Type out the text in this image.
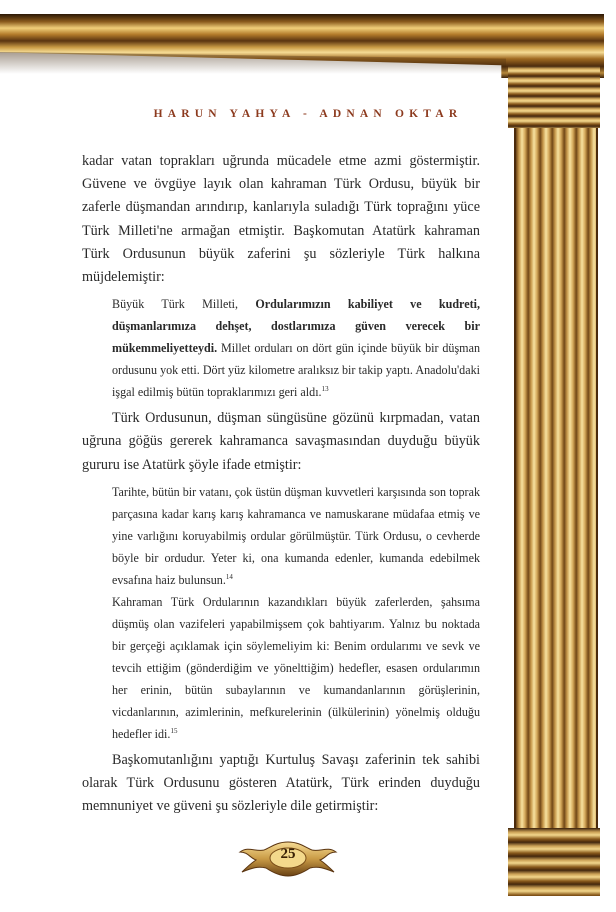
HARUN YAHYA - ADNAN OKTAR

kadar vatan toprakları uğrunda mücadele etme azmi göstermiştir. Güvene ve övgüye layık olan kahraman Türk Ordusu, büyük bir zaferle düşmandan arındırıp, kanlarıyla suladığı Türk toprağını yüce Türk Milleti'ne armağan etmiştir. Başkomutan Atatürk kahraman Türk Ordusunun büyük zaferini şu sözleriyle Türk halkına müjdelemiştir:

Büyük Türk Milleti, Ordularımızın kabiliyet ve kudreti, düşmanlarımıza dehşet, dostlarımıza güven verecek bir mükemmeliyetteydi. Millet orduları on dört gün içinde büyük bir düşman ordusunu yok etti. Dört yüz kilometre aralıksız bir takip yaptı. Anadolu'daki işgal edilmiş bütün topraklarımızı geri aldı.$^{13}$

Türk Ordusunun, düşman süngüsüne gözünü kırpmadan, vatan uğruna göğüs gererek kahramanca savaşmasından duyduğu büyük gururu ise Atatürk şöyle ifade etmiştir:

Tarihte, bütün bir vatanı, çok üstün düşman kuvvetleri karşısında son toprak parçasına kadar karış karış kahramanca ve namuskarane müdafaa etmiş ve yine varlığını koruyabilmiş ordular görülmüştür. Türk Ordusu, o cevherde böyle bir ordudur. Yeter ki, ona kumanda edenler, kumanda edebilmek evsafına haiz bulunsun.$^{14}$

Kahraman Türk Ordularının kazandıkları büyük zaferlerden, şahsıma düşmüş olan vazifeleri yapabilmişsem çok bahtiyarım. Yalnız bu noktada bir gerçeği açıklamak için söylemeliyim ki: Benim ordularımı ve sevk ve tevcih ettiğim (gönderdiğim ve yönelttiğim) hedefler, esasen ordularımın her erinin, bütün subaylarının ve kumandanlarının görüşlerinin, vicdanlarının, azimlerinin, mefkurelerinin (ülkülerinin) yönelmiş olduğu hedefler idi.$^{15}$

Başkomutanlığını yaptığı Kurtuluş Savaşı zaferinin tek sahibi olarak Türk Ordusunu gösteren Atatürk, Türk erinden duyduğu memnuniyet ve güveni şu sözleriyle dile getirmiştir:

25
